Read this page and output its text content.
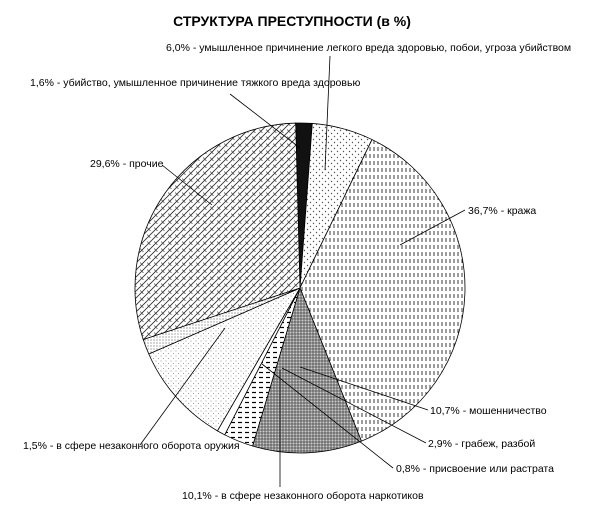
СТРУКТУРА ПРЕСТУПНОСТИ (в %)
1,6% - убийство, умышленное причинение тяжкого вреда здоровью
6,0% - умышленное причинение легкого вреда здоровью, побои, угроза убийством
36,7% - кража
10,7% - мошенничество
2,9% - грабеж, разбой
0,8% - присвоение или растрата
10,1% - в сфере незаконного оборота наркотиков
1,5% - в сфере незаконного оборота оружия
29,6% - прочие
